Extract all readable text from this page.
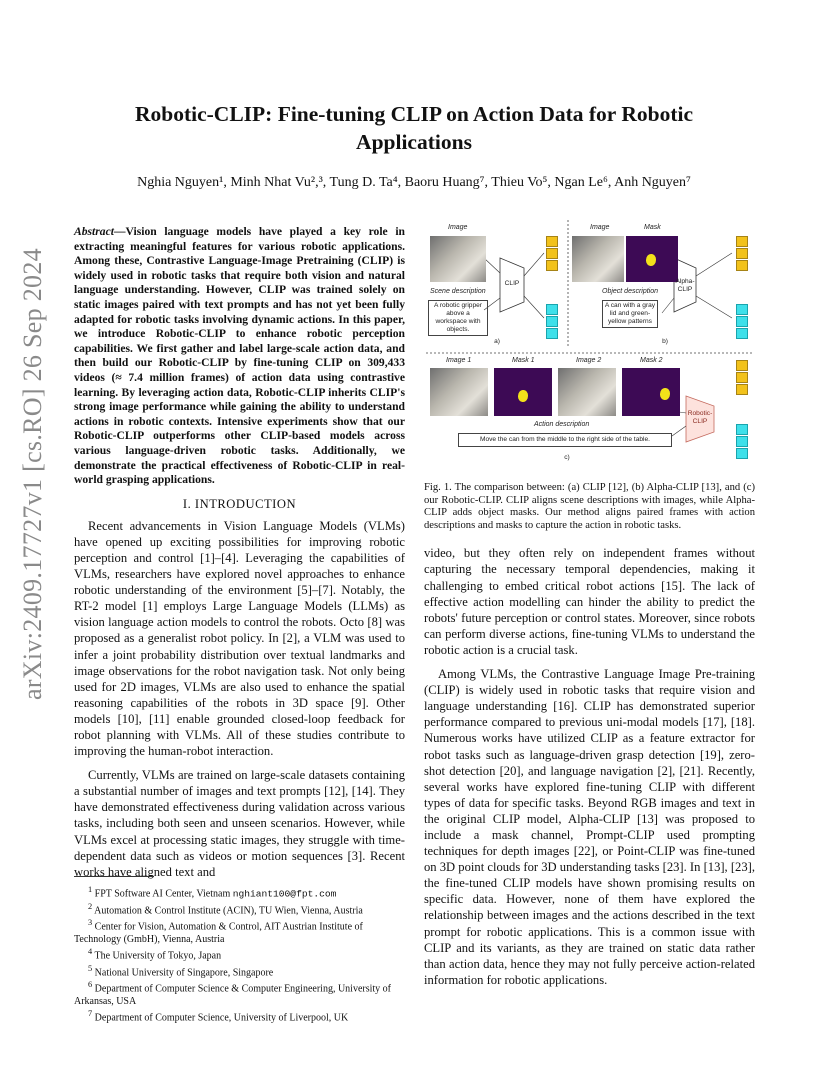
arXiv:2409.17727v1 [cs.RO] 26 Sep 2024
Robotic-CLIP: Fine-tuning CLIP on Action Data for Robotic Applications
Nghia Nguyen¹, Minh Nhat Vu²,³, Tung D. Ta⁴, Baoru Huang⁷, Thieu Vo⁵, Ngan Le⁶, Anh Nguyen⁷

Abstract—Vision language models have played a key role in extracting meaningful features for various robotic applications. Among these, Contrastive Language-Image Pretraining (CLIP) is widely used in robotic tasks that require both vision and natural language understanding. However, CLIP was trained solely on static images paired with text prompts and has not yet been fully adapted for robotic tasks involving dynamic actions. In this paper, we introduce Robotic-CLIP to enhance robotic perception capabilities. We first gather and label large-scale action data, and then build our Robotic-CLIP by fine-tuning CLIP on 309,433 videos (≈ 7.4 million frames) of action data using contrastive learning. By leveraging action data, Robotic-CLIP inherits CLIP's strong image performance while gaining the ability to understand actions in robotic contexts. Intensive experiments show that our Robotic-CLIP outperforms other CLIP-based models across various language-driven robotic tasks. Additionally, we demonstrate the practical effectiveness of Robotic-CLIP in real-world grasping applications.

I. INTRODUCTION

Recent advancements in Vision Language Models (VLMs) have opened up exciting possibilities for improving robotic perception and control [1]–[4]. Leveraging the capabilities of VLMs, researchers have explored novel approaches to enhance robotic understanding of the environment [5]–[7]. Notably, the RT-2 model [1] employs Large Language Models (LLMs) as vision language action models to control the robots. Octo [8] was proposed as a generalist robot policy. In [2], a VLM was used to infer a joint probability distribution over textual landmarks and image observations for the robot navigation task. Not only being used for 2D images, VLMs are also used to enhance the spatial reasoning capabilities of the robots in 3D space [9]. Other models [10], [11] enable grounded closed-loop feedback for robot planning with VLMs. All of these studies contribute to improving the human-robot interaction.

Currently, VLMs are trained on large-scale datasets containing a substantial number of images and text prompts [12], [14]. They have demonstrated effectiveness during validation across various tasks, including both seen and unseen scenarios. However, while VLMs excel at processing static images, they struggle with time-dependent data such as videos or motion sequences [3]. Recent works have aligned text and

$^1$ FPT Software AI Center, Vietnam nghiant100@fpt.com
$^2$ Automation & Control Institute (ACIN), TU Wien, Vienna, Austria
$^3$ Center for Vision, Automation & Control, AIT Austrian Institute of Technology (GmbH), Vienna, Austria
$^4$ The University of Tokyo, Japan
$^5$ National University of Singapore, Singapore
$^6$ Department of Computer Science & Computer Engineering, University of Arkansas, USA
$^7$ Department of Computer Science, University of Liverpool, UK
Image
Scene description
A robotic gripper above a workspace with objects.
CLIP
a)
Image	Mask
Object description
A can with a gray lid and green-yellow patterns
Alpha-CLIP
b)
Image 1	Mask 1	Image 2	Mask 2
Action description
Move the can from the middle to the right side of the table.
Robotic-CLIP
c)

Fig. 1. The comparison between: (a) CLIP [12], (b) Alpha-CLIP [13], and (c) our Robotic-CLIP. CLIP aligns scene descriptions with images, while Alpha-CLIP adds object masks. Our method aligns paired frames with action descriptions and masks to capture the action in robotic tasks.

video, but they often rely on independent frames without capturing the necessary temporal dependencies, making it challenging to embed critical robot actions [15]. The lack of effective action modelling can hinder the ability to predict the robots' future perception or control states. Moreover, since robots can perform diverse actions, fine-tuning VLMs to understand the robotic action is a crucial task.

Among VLMs, the Contrastive Language Image Pre-training (CLIP) is widely used in robotic tasks that require vision and language understanding [16]. CLIP has demonstrated superior performance compared to previous uni-modal models [17], [18]. Numerous works have utilized CLIP as a feature extractor for robot tasks such as language-driven grasp detection [19], zero-shot detection [20], and language navigation [2], [21]. Recently, several works have explored fine-tuning CLIP with different types of data for specific tasks. Beyond RGB images and text in the original CLIP model, Alpha-CLIP [13] was proposed to include a mask channel, Prompt-CLIP used prompting techniques for depth images [22], or Point-CLIP was fine-tuned on 3D point clouds for 3D understanding tasks [23]. In [13], [23], the fine-tuned CLIP models have shown promising results on specific data. However, none of them have explored the relationship between images and the actions described in the text prompt for robotic applications. This is a common issue with CLIP and its variants, as they are trained on static data rather than action data, hence they may not fully perceive action-related information for robotic applications.
